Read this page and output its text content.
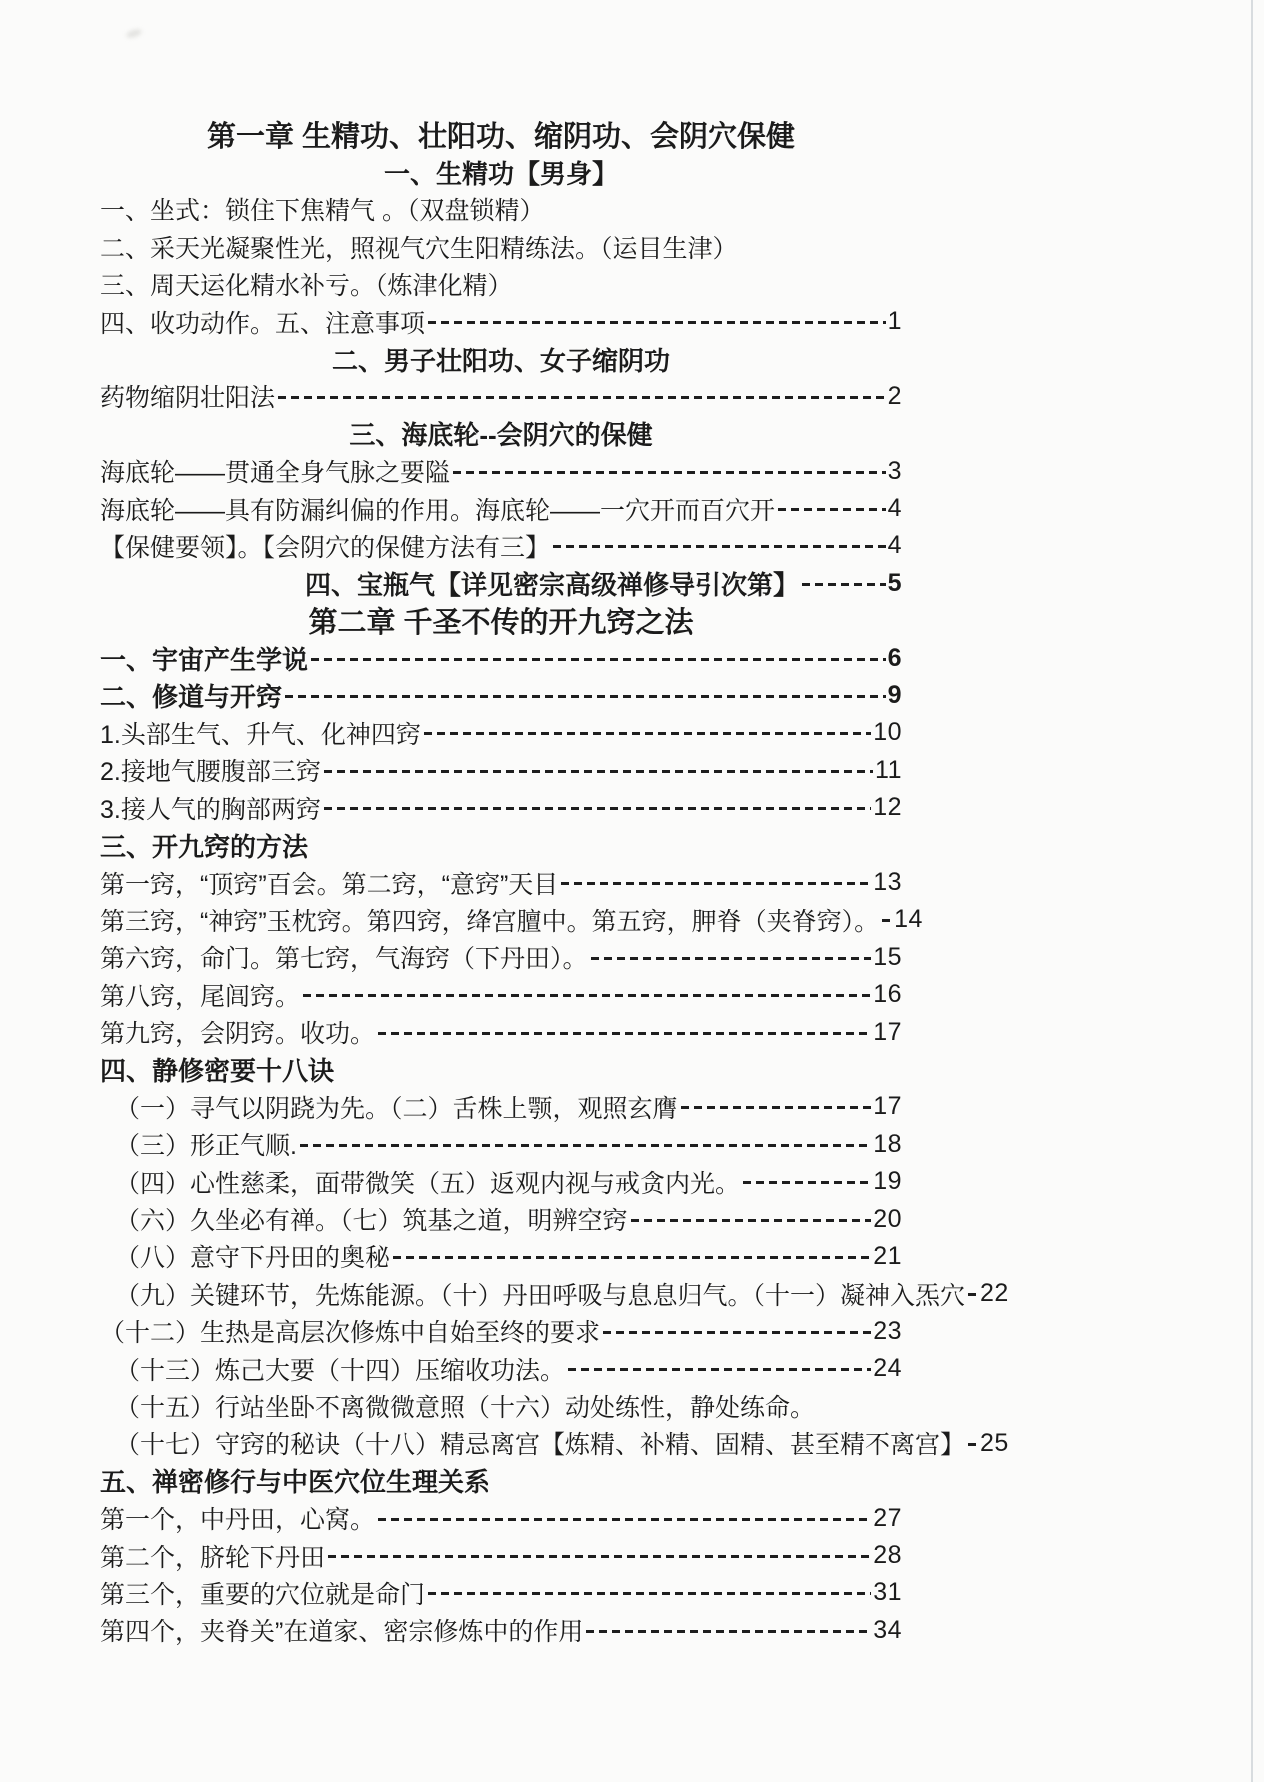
第一章 生精功、壮阳功、缩阴功、会阴穴保健
一、生精功【男身】
一、坐式：锁住下焦精气 。（双盘锁精）
二、采天光凝聚性光，照视气穴生阳精练法。（运目生津）
三、周天运化精水补亏。（炼津化精）
四、收功动作。五、注意事项	1
二、男子壮阳功、女子缩阴功
药物缩阴壮阳法	2
三、海底轮--会阴穴的保健
海底轮——贯通全身气脉之要隘	3
海底轮——具有防漏纠偏的作用。海底轮——一穴开而百穴开	4
【保健要领】。【会阴穴的保健方法有三】	4
四、宝瓶气【详见密宗高级禅修导引次第】	5
第二章 千圣不传的开九窍之法
一、宇宙产生学说	6
二、修道与开窍	9
1.头部生气、升气、化神四窍	10
2.接地气腰腹部三窍	11
3.接人气的胸部两窍	12
三、开九窍的方法
第一窍，“顶窍”百会。第二窍，“意窍”天目	13
第三窍，“神窍”玉枕窍。第四窍，绛宫膻中。第五窍，胛脊（夹脊窍）。 14
第六窍，命门。第七窍，气海窍（下丹田）。	15
第八窍，尾闾窍。	16
第九窍，会阴窍。收功。	17
四、静修密要十八诀
（一）寻气以阴跷为先。（二）舌株上颚，观照玄膺	17
（三）形正气顺.	18
（四）心性慈柔，面带微笑（五）返观内视与戒贪内光。	19
（六）久坐必有禅。（七）筑基之道，明辨空窍	20
（八）意守下丹田的奥秘	21
（九）关键环节，先炼能源。（十）丹田呼吸与息息归气。（十一）凝神入炁穴 22
（十二）生热是高层次修炼中自始至终的要求	23
（十三）炼己大要（十四）压缩收功法。	24
（十五）行站坐卧不离微微意照（十六）动处练性，静处练命。
（十七）守窍的秘诀（十八）精忌离宫【炼精、补精、固精、甚至精不离宫】 25
五、禅密修行与中医穴位生理关系
第一个，中丹田，心窝。	27
第二个，脐轮下丹田	28
第三个，重要的穴位就是命门	31
第四个，夹脊关”在道家、密宗修炼中的作用	34
